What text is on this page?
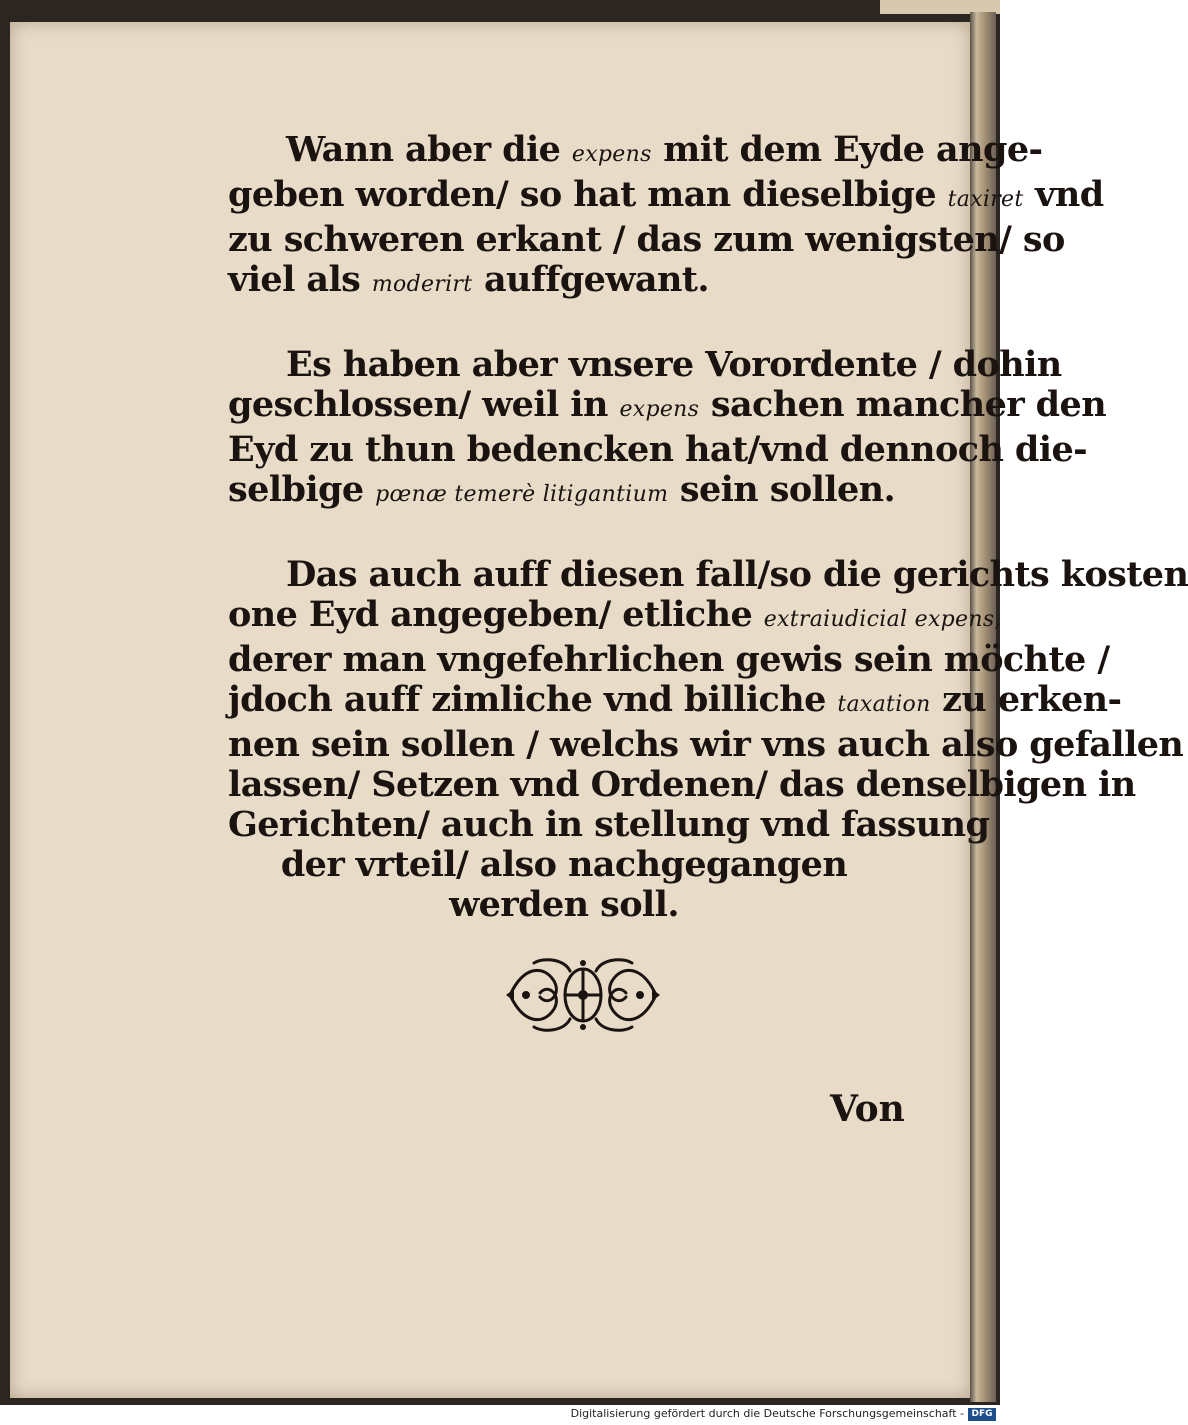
Wann aber die expens mit dem Eyde ange-
geben worden/ so hat man dieselbige taxiret vnd
zu schweren erkant / das zum wenigsten/ so
viel als moderirt auffgewant.

Es haben aber vnsere Vorordente / dohin
geschlossen/ weil in expens sachen mancher den
Eyd zu thun bedencken hat/vnd dennoch die-
selbige pœnæ temerè litigantium sein sollen.

Das auch auff diesen fall/so die gerichts kosten
one Eyd angegeben/ etliche extraiudicial expens,
derer man vngefehrlichen gewis sein möchte /
jdoch auff zimliche vnd billiche taxation zu erken-
nen sein sollen / welchs wir vns auch also gefallen
lassen/ Setzen vnd Ordenen/ das denselbigen in
Gerichten/ auch in stellung vnd fassung
der vrteil/ also nachgegangen
werden soll.

Von
Digitalisierung gefördert durch die Deutsche Forschungsgemeinschaft - DFG
